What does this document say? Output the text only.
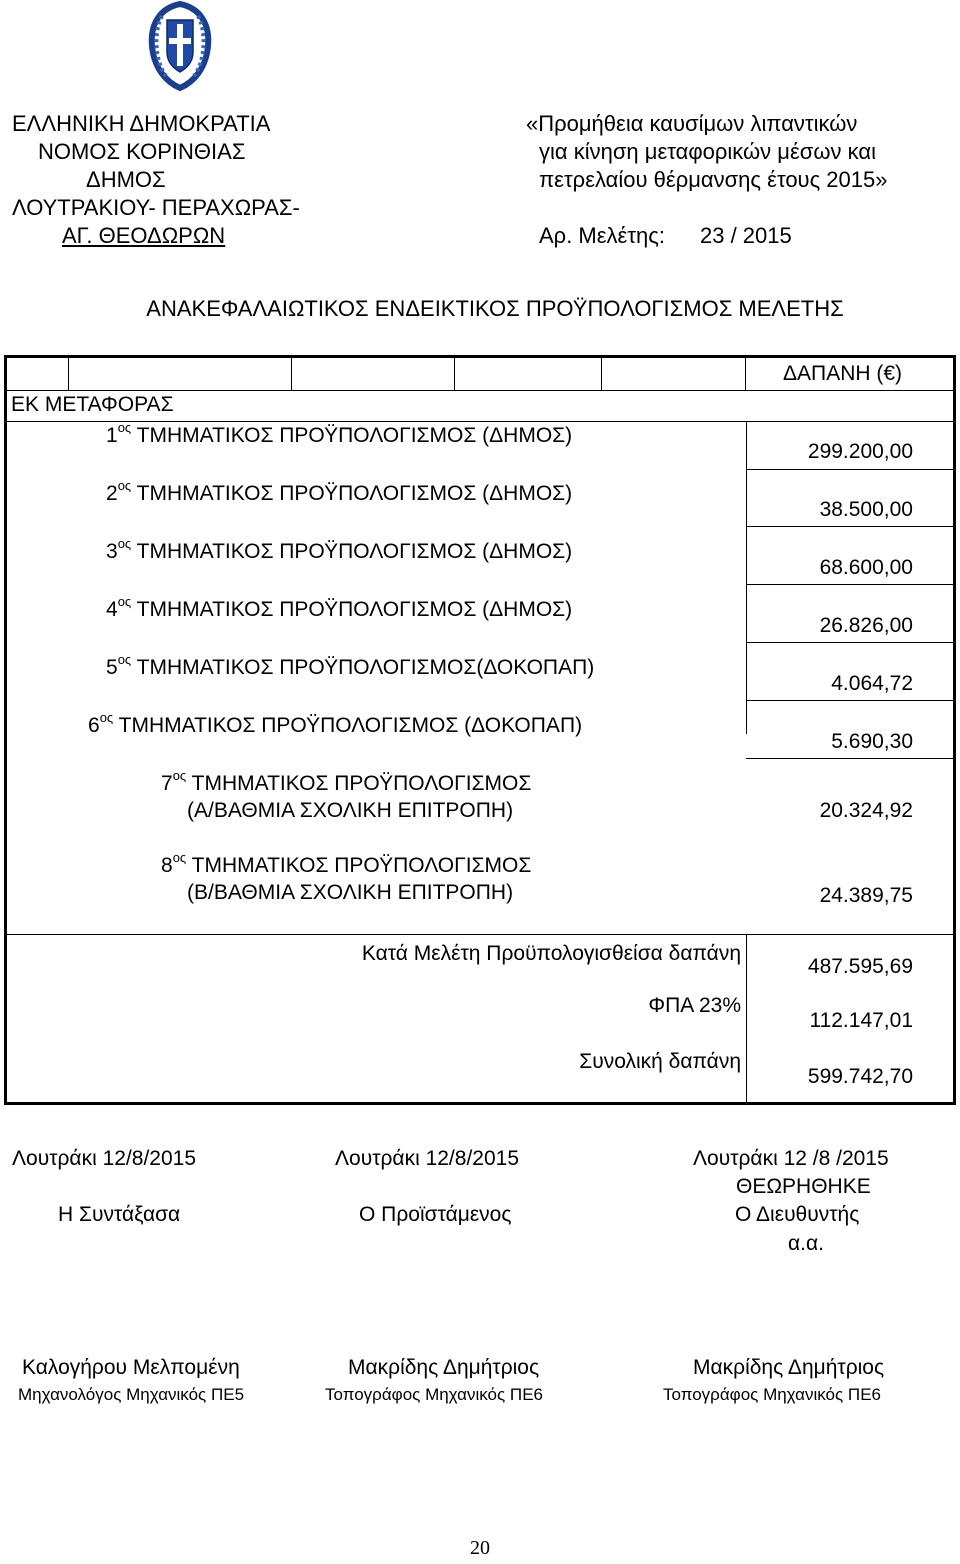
ΕΛΛΗΝΙΚΗ ΔΗΜΟΚΡΑΤΙΑ
ΝΟΜΟΣ ΚΟΡΙΝΘΙΑΣ
ΔΗΜΟΣ
ΛΟΥΤΡΑΚΙΟΥ- ΠΕΡΑΧΩΡΑΣ-
ΑΓ. ΘΕΟΔΩΡΩΝ
«Προμήθεια καυσίμων λιπαντικών
για κίνηση μεταφορικών μέσων και
πετρελαίου θέρμανσης έτους 2015»
Αρ. Μελέτης: 23 / 2015
ΑΝΑΚΕΦΑΛΑΙΩΤΙΚΟΣ ΕΝΔΕΙΚΤΙΚΟΣ ΠΡΟΫΠΟΛΟΓΙΣΜΟΣ ΜΕΛΕΤΗΣ
ΔΑΠΑΝΗ (€)
ΕΚ ΜΕΤΑΦΟΡΑΣ
$1^{o\varsigma}$ ΤΜΗΜΑΤΙΚΟΣ ΠΡΟΫΠΟΛΟΓΙΣΜΟΣ (ΔΗΜΟΣ)
299.200,00
$2^{o\varsigma}$ ΤΜΗΜΑΤΙΚΟΣ ΠΡΟΫΠΟΛΟΓΙΣΜΟΣ (ΔΗΜΟΣ)
38.500,00
$3^{o\varsigma}$ ΤΜΗΜΑΤΙΚΟΣ ΠΡΟΫΠΟΛΟΓΙΣΜΟΣ (ΔΗΜΟΣ)
68.600,00
$4^{o\varsigma}$ ΤΜΗΜΑΤΙΚΟΣ ΠΡΟΫΠΟΛΟΓΙΣΜΟΣ (ΔΗΜΟΣ)
26.826,00
$5^{o\varsigma}$ ΤΜΗΜΑΤΙΚΟΣ ΠΡΟΫΠΟΛΟΓΙΣΜΟΣ(ΔΟΚΟΠΑΠ)
4.064,72
$6^{o\varsigma}$ ΤΜΗΜΑΤΙΚΟΣ ΠΡΟΫΠΟΛΟΓΙΣΜΟΣ (ΔΟΚΟΠΑΠ)
5.690,30
$7^{o\varsigma}$ ΤΜΗΜΑΤΙΚΟΣ ΠΡΟΫΠΟΛΟΓΙΣΜΟΣ
(Α/ΒΑΘΜΙΑ ΣΧΟΛΙΚΗ ΕΠΙΤΡΟΠΗ)	20.324,92
$8^{o\varsigma}$ ΤΜΗΜΑΤΙΚΟΣ ΠΡΟΫΠΟΛΟΓΙΣΜΟΣ
(Β/ΒΑΘΜΙΑ ΣΧΟΛΙΚΗ ΕΠΙΤΡΟΠΗ)	24.389,75
Κατά Μελέτη Προϋπολογισθείσα δαπάνη
487.595,69
ΦΠΑ 23%
112.147,01
Συνολική δαπάνη
599.742,70
Λουτράκι 12/8/2015
Η Συντάξασα
Καλογήρου Μελπομένη
Μηχανολόγος Μηχανικός ΠΕ5
Λουτράκι 12/8/2015
Ο Προϊστάμενος
Μακρίδης Δημήτριος
Τοπογράφος Μηχανικός ΠΕ6
Λουτράκι 12 /8 /2015
ΘΕΩΡΗΘΗΚΕ
Ο Διευθυντής
α.α.
Μακρίδης Δημήτριος
Τοπογράφος Μηχανικός ΠΕ6
20
